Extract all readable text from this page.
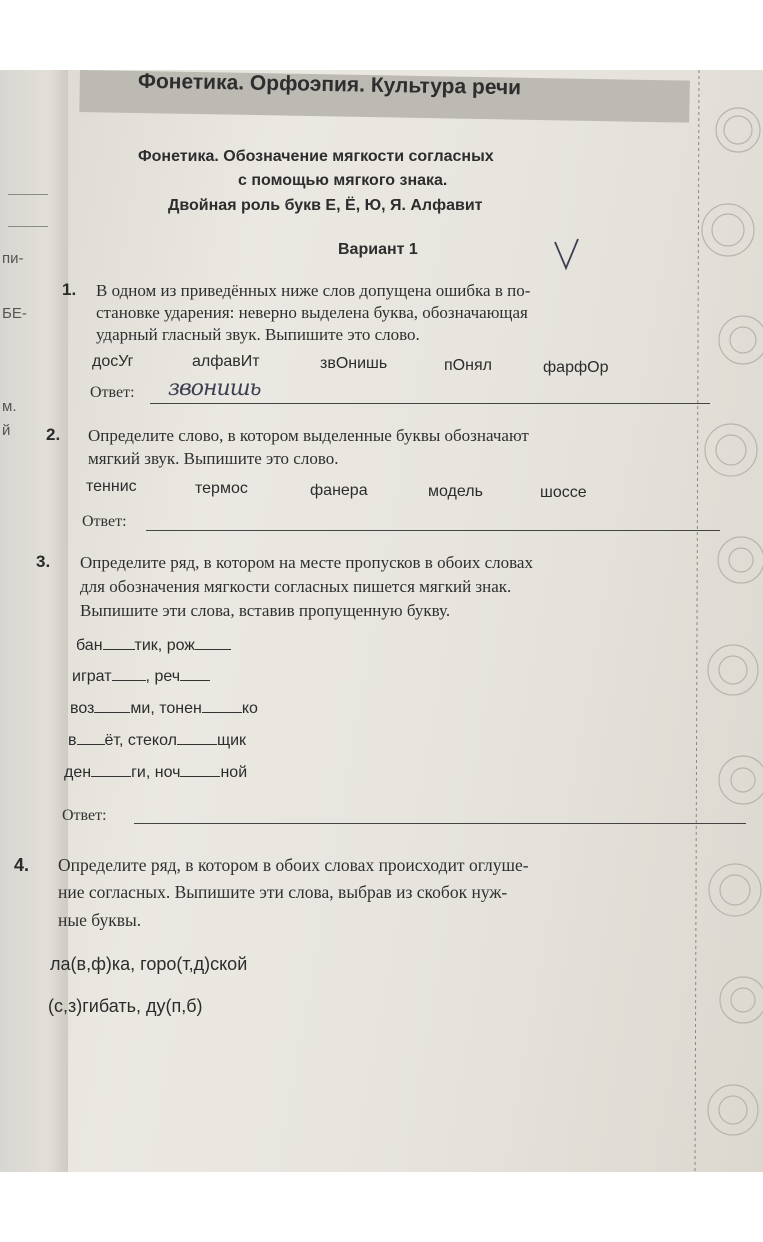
пи-
БЕ-
м.
й
Фонетика. Орфоэпия. Культура речи
Фонетика. Обозначение мягкости согласных
с помощью мягкого знака.
Двойная роль букв Е, Ё, Ю, Я. Алфавит
Вариант 1
1. В одном из приведённых ниже слов допущена ошибка в по-
становке ударения: неверно выделена буква, обозначающая
ударный гласный звук. Выпишите это слово.
досУг	алфавИт	звОнишь	пОнял	фарфОр
Ответ: звонишь
2. Определите слово, в котором выделенные буквы обозначают
мягкий звук. Выпишите это слово.
теннис	термос	фанера	модель	шоссе
Ответ:
3. Определите ряд, в котором на месте пропусков в обоих словах
для обозначения мягкости согласных пишется мягкий знак.
Выпишите эти слова, вставив пропущенную букву.
бан тик, рож
играт , реч
воз ми, тонен	ко
в ёт, стекол	щик
ден	ги, ноч	ной
Ответ:
4. Определите ряд, в котором в обоих словах происходит оглуше-
ние согласных. Выпишите эти слова, выбрав из скобок нуж-
ные буквы.
ла(в,ф)ка, горо(т,д)ской
(с,з)гибать, ду(п,б)
